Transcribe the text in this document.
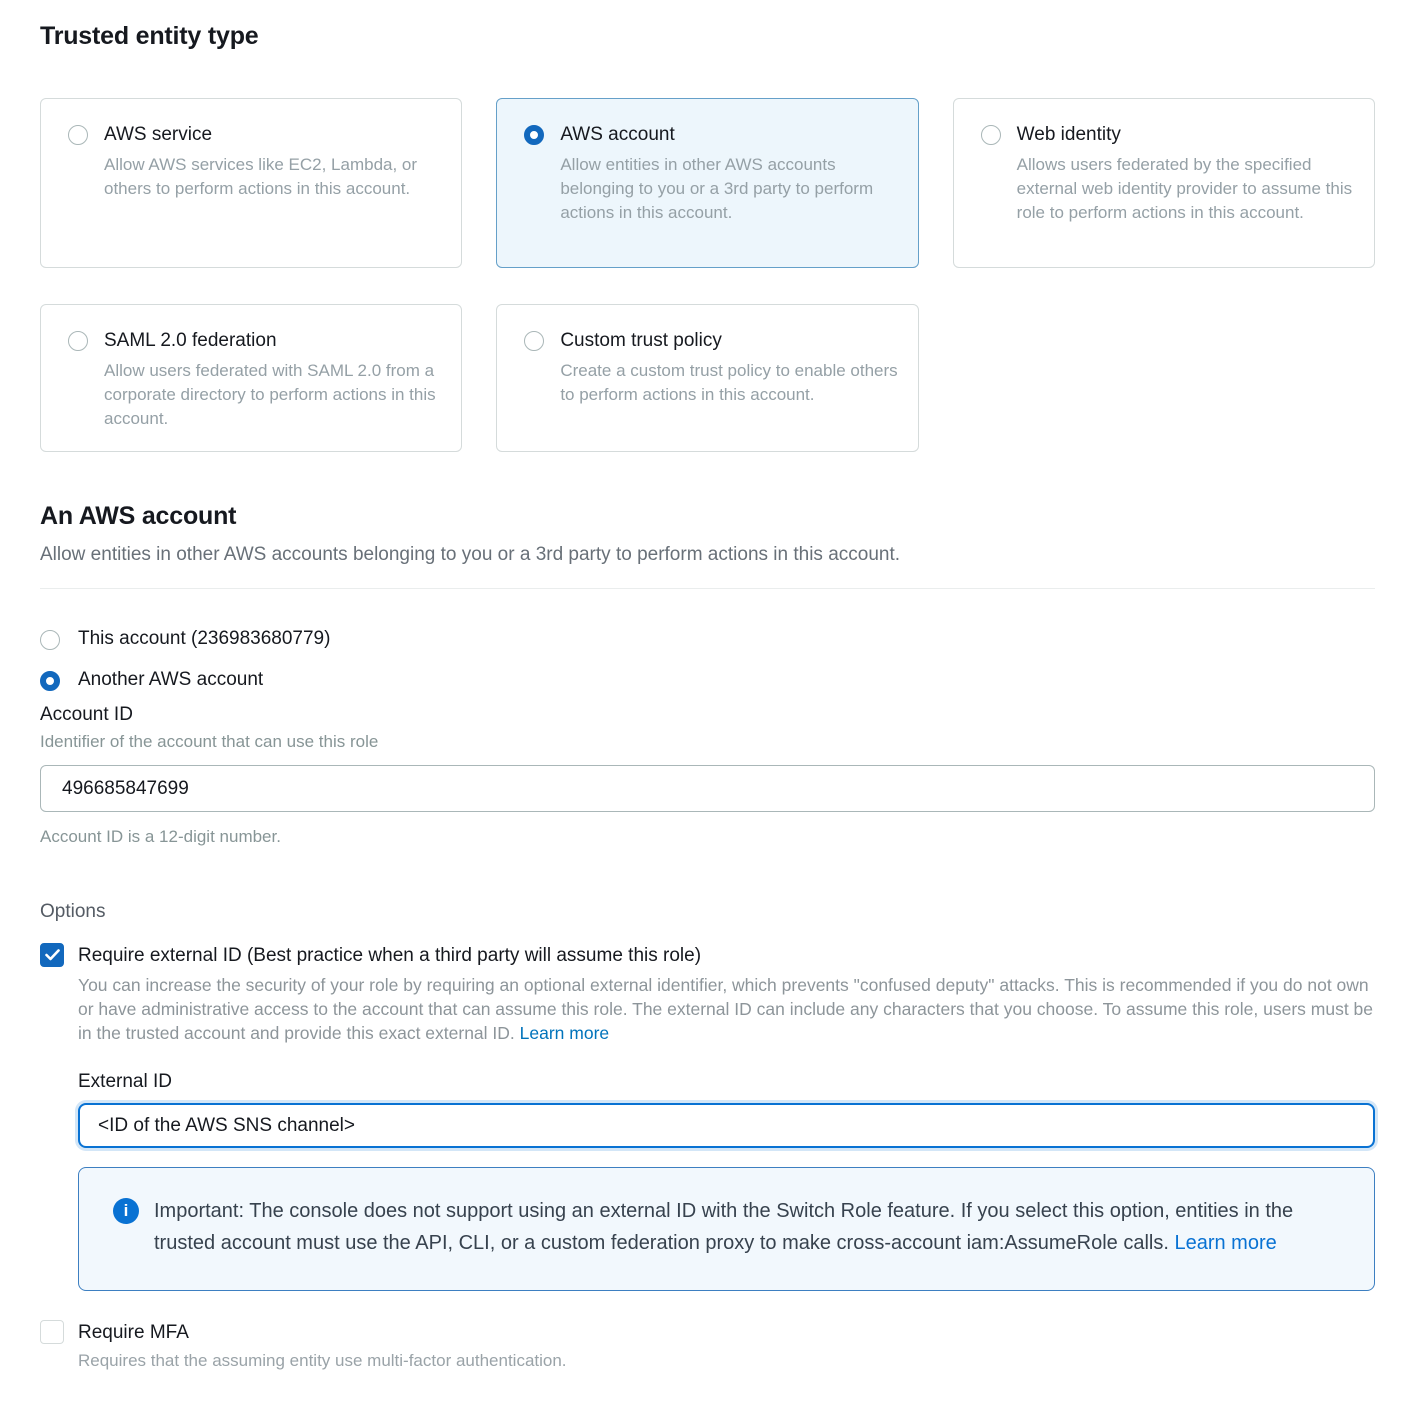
Trusted entity type
AWS service
Allow AWS services like EC2, Lambda, or others to perform actions in this account.
AWS account
Allow entities in other AWS accounts belonging to you or a 3rd party to perform actions in this account.
Web identity
Allows users federated by the specified external web identity provider to assume this role to perform actions in this account.
SAML 2.0 federation
Allow users federated with SAML 2.0 from a corporate directory to perform actions in this account.
Custom trust policy
Create a custom trust policy to enable others to perform actions in this account.
An AWS account

Allow entities in other AWS accounts belonging to you or a 3rd party to perform actions in this account.

This account (236983680779)
Another AWS account
Account ID
Identifier of the account that can use this role
496685847699
Account ID is a 12-digit number.
Options
Require external ID (Best practice when a third party will assume this role)
You can increase the security of your role by requiring an optional external identifier, which prevents "confused deputy" attacks. This is recommended if you do not own or have administrative access to the account that can assume this role. The external ID can include any characters that you choose. To assume this role, users must be in the trusted account and provide this exact external ID. Learn more
External ID
<ID of the AWS SNS channel>
i	Important: The console does not support using an external ID with the Switch Role feature. If you select this option, entities in the trusted account must use the API, CLI, or a custom federation proxy to make cross-account iam:AssumeRole calls. Learn more
Require MFA
Requires that the assuming entity use multi-factor authentication.
